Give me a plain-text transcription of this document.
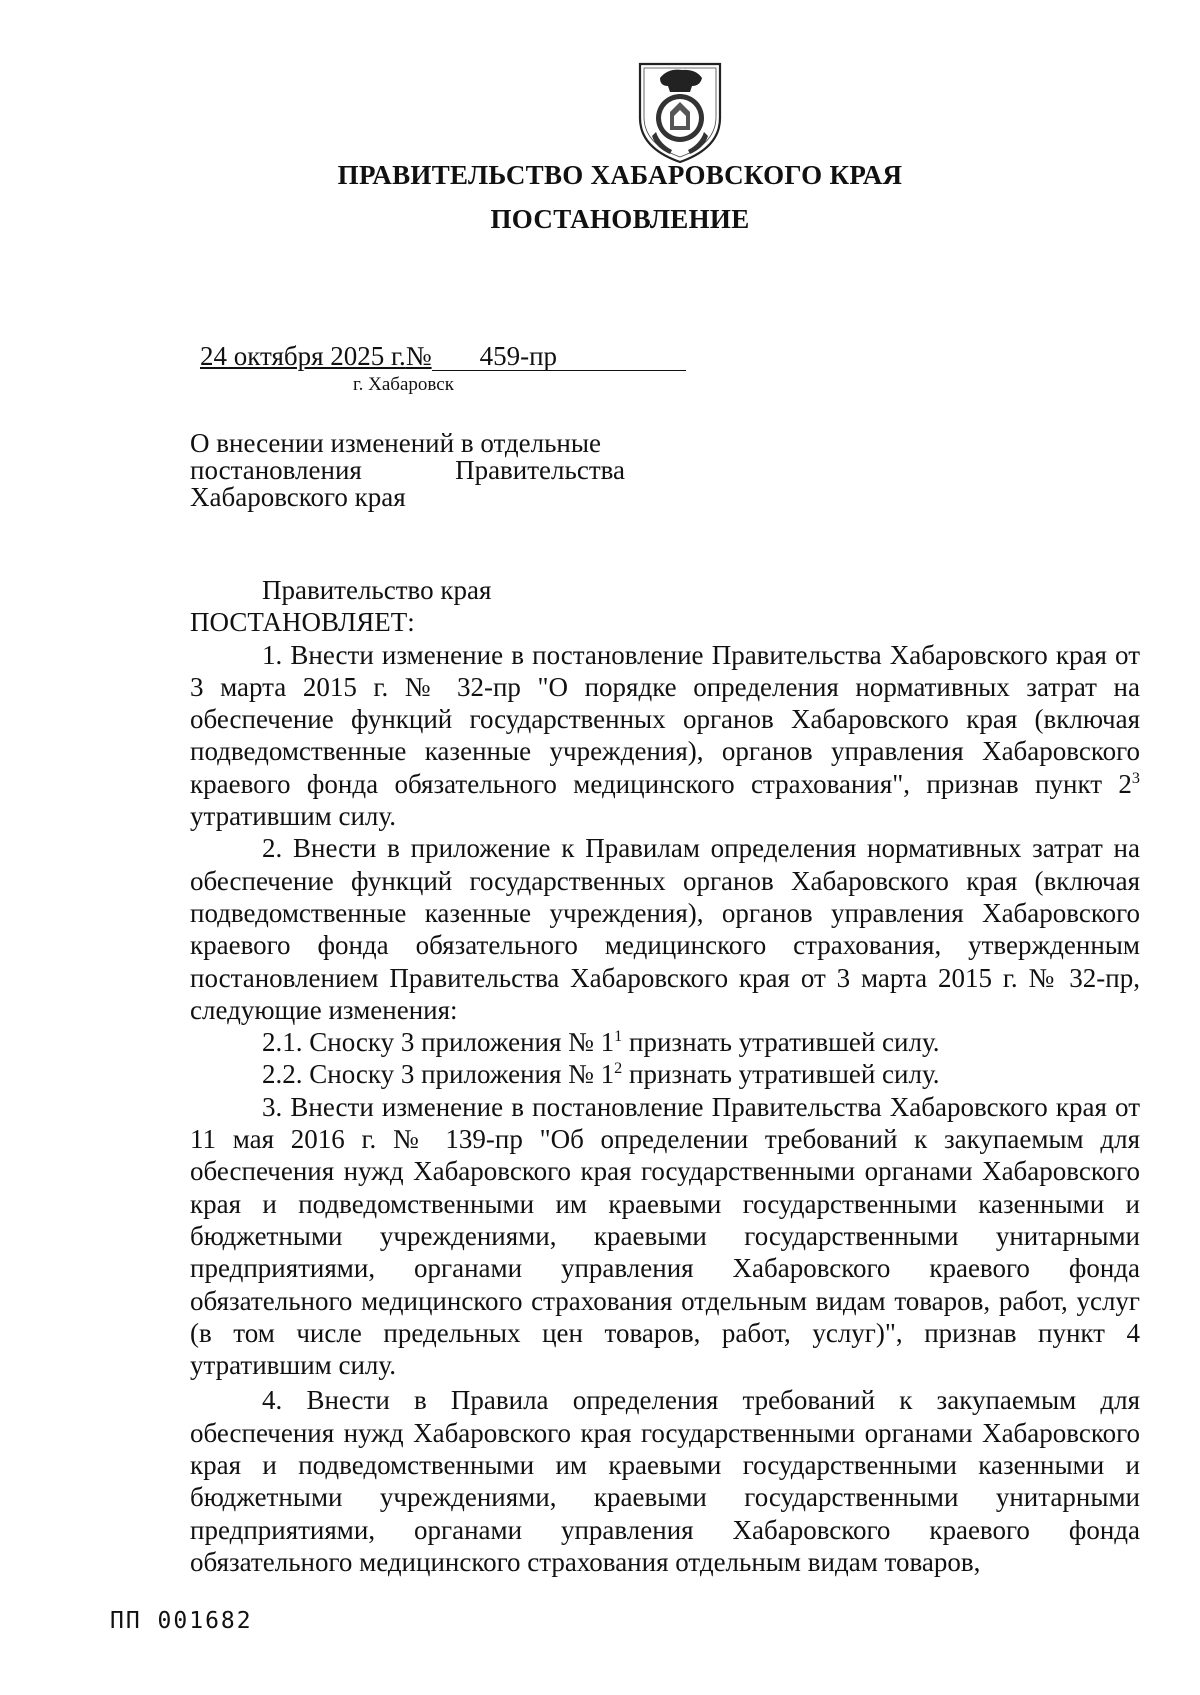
ПРАВИТЕЛЬСТВО ХАБАРОВСКОГО КРАЯ
ПОСТАНОВЛЕНИЕ
24 октября 2025 г.№ 459-пр
г. Хабаровск
О внесении изменений в отдельные
постановления	Правительства
Хабаровского края

Правительство края

ПОСТАНОВЛЯЕТ:

1. Внести изменение в постановление Правительства Хабаровского края от 3 марта 2015 г. № 32-пр "О порядке определения нормативных затрат на обеспечение функций государственных органов Хабаровского края (включая подведомственные казенные учреждения), органов управления Хабаровского краевого фонда обязательного медицинского страхования", признав пункт $2^3$ утратившим силу.

2. Внести в приложение к Правилам определения нормативных затрат на обеспечение функций государственных органов Хабаровского края (включая подведомственные казенные учреждения), органов управления Хабаровского краевого фонда обязательного медицинского страхования, утвержденным постановлением Правительства Хабаровского края от 3 марта 2015 г. № 32-пр, следующие изменения:

2.1. Сноску 3 приложения № $1^1$ признать утратившей силу.

2.2. Сноску 3 приложения № $1^2$ признать утратившей силу.

3. Внести изменение в постановление Правительства Хабаровского края от 11 мая 2016 г. № 139-пр "Об определении требований к закупаемым для обеспечения нужд Хабаровского края государственными органами Хабаровского края и подведомственными им краевыми государственными казенными и бюджетными учреждениями, краевыми государственными унитарными предприятиями, органами управления Хабаровского краевого фонда обязательного медицинского страхования отдельным видам товаров, работ, услуг (в том числе предельных цен товаров, работ, услуг)", признав пункт 4 утратившим силу.

4. Внести в Правила определения требований к закупаемым для обеспечения нужд Хабаровского края государственными органами Хабаровского края и подведомственными им краевыми государственными казенными и бюджетными учреждениями, краевыми государственными унитарными предприятиями, органами управления Хабаровского краевого фонда обязательного медицинского страхования отдельным видам товаров,

ПП 001682
